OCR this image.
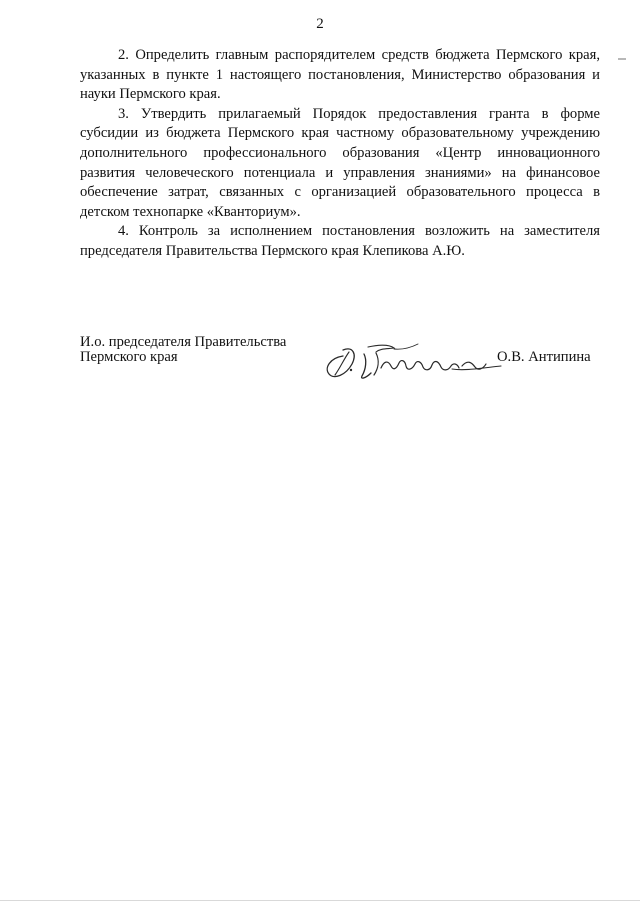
2

2. Определить главным распорядителем средств бюджета Пермского края, указанных в пункте 1 настоящего постановления, Министерство образования и науки Пермского края.

3. Утвердить прилагаемый Порядок предоставления гранта в форме субсидии из бюджета Пермского края частному образовательному учреждению дополнительного профессионального образования «Центр инновационного развития человеческого потенциала и управления знаниями» на финансовое обеспечение затрат, связанных с организацией образовательного процесса в детском технопарке «Кванториум».

4. Контроль за исполнением постановления возложить на заместителя председателя Правительства Пермского края Клепикова А.Ю.

И.о. председателя Правительства
Пермского края	О.В. Антипина
